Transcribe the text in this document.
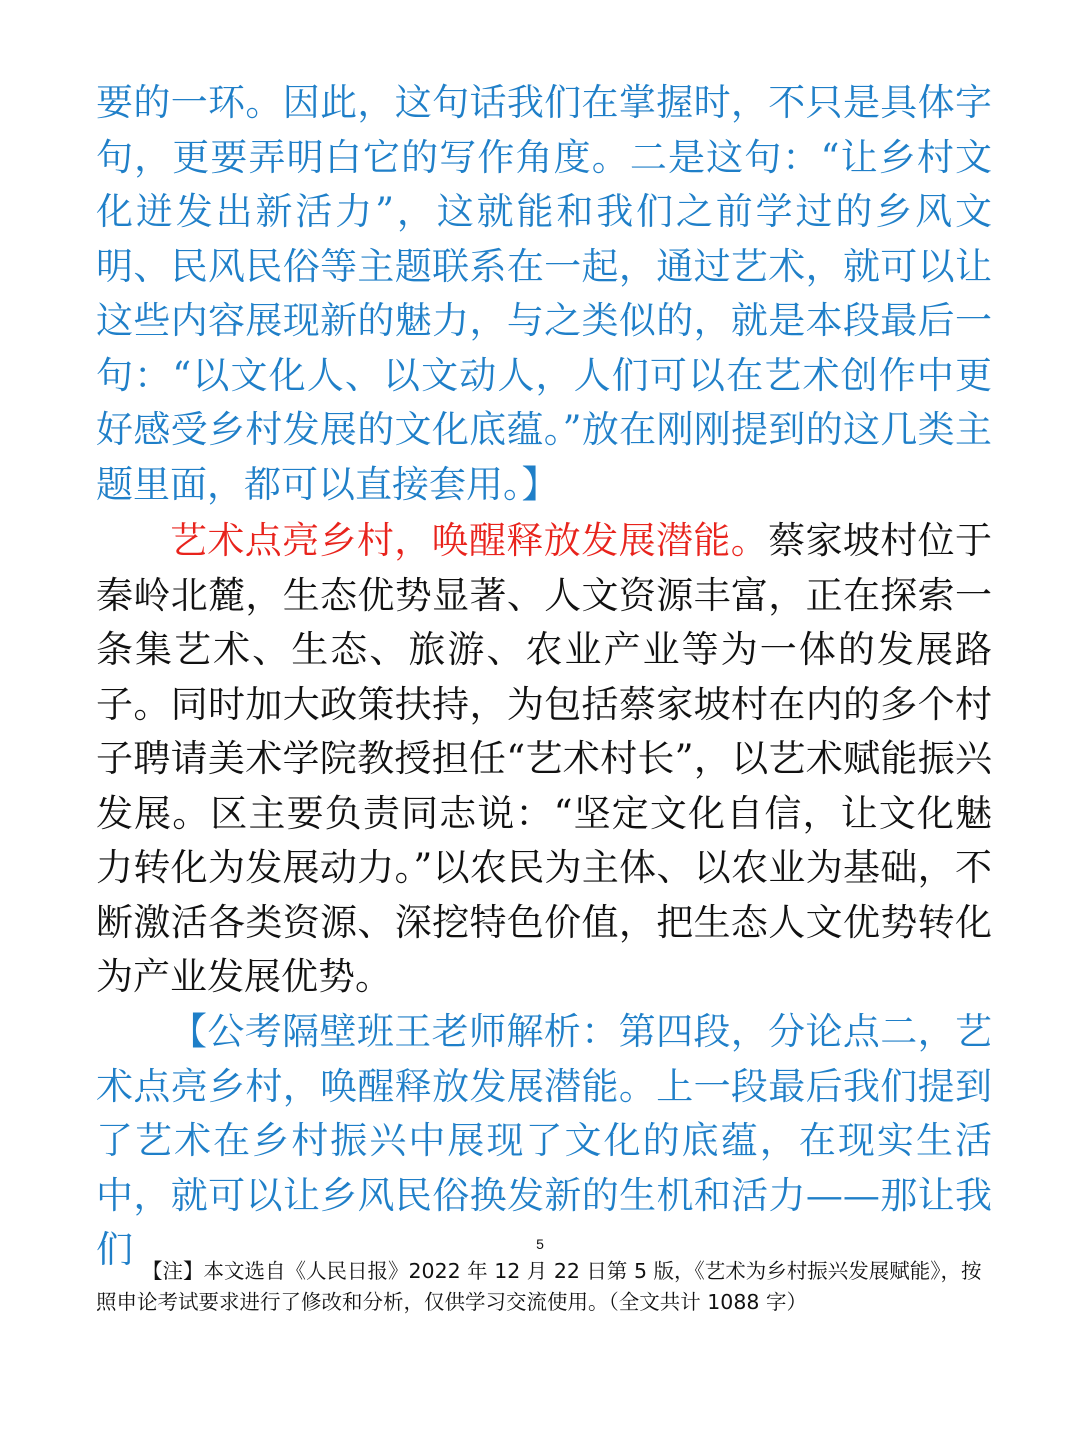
要的一环。因此，这句话我们在掌握时，不只是具体字句，更要弄明白它的写作角度。二是这句：“让乡村文化迸发出新活力”，这就能和我们之前学过的乡风文明、民风民俗等主题联系在一起，通过艺术，就可以让这些内容展现新的魅力，与之类似的，就是本段最后一句：“以文化人、以文动人，人们可以在艺术创作中更好感受乡村发展的文化底蕴。”放在刚刚提到的这几类主题里面，都可以直接套用。】

艺术点亮乡村，唤醒释放发展潜能。蔡家坡村位于秦岭北麓，生态优势显著、人文资源丰富，正在探索一条集艺术、生态、旅游、农业产业等为一体的发展路子。同时加大政策扶持，为包括蔡家坡村在内的多个村子聘请美术学院教授担任“艺术村长”，以艺术赋能振兴发展。区主要负责同志说：“坚定文化自信，让文化魅力转化为发展动力。”以农民为主体、以农业为基础，不断激活各类资源、深挖特色价值，把生态人文优势转化为产业发展优势。

【公考隔壁班王老师解析：第四段，分论点二，艺术点亮乡村，唤醒释放发展潜能。上一段最后我们提到了艺术在乡村振兴中展现了文化的底蕴，在现实生活中，就可以让乡风民俗换发新的生机和活力——那让我们	5

【注】本文选自《人民日报》2022 年 12 月 22 日第 5 版，《艺术为乡村振兴发展赋能》，按照申论考试要求进行了修改和分析，仅供学习交流使用。（全文共计 1088 字）
